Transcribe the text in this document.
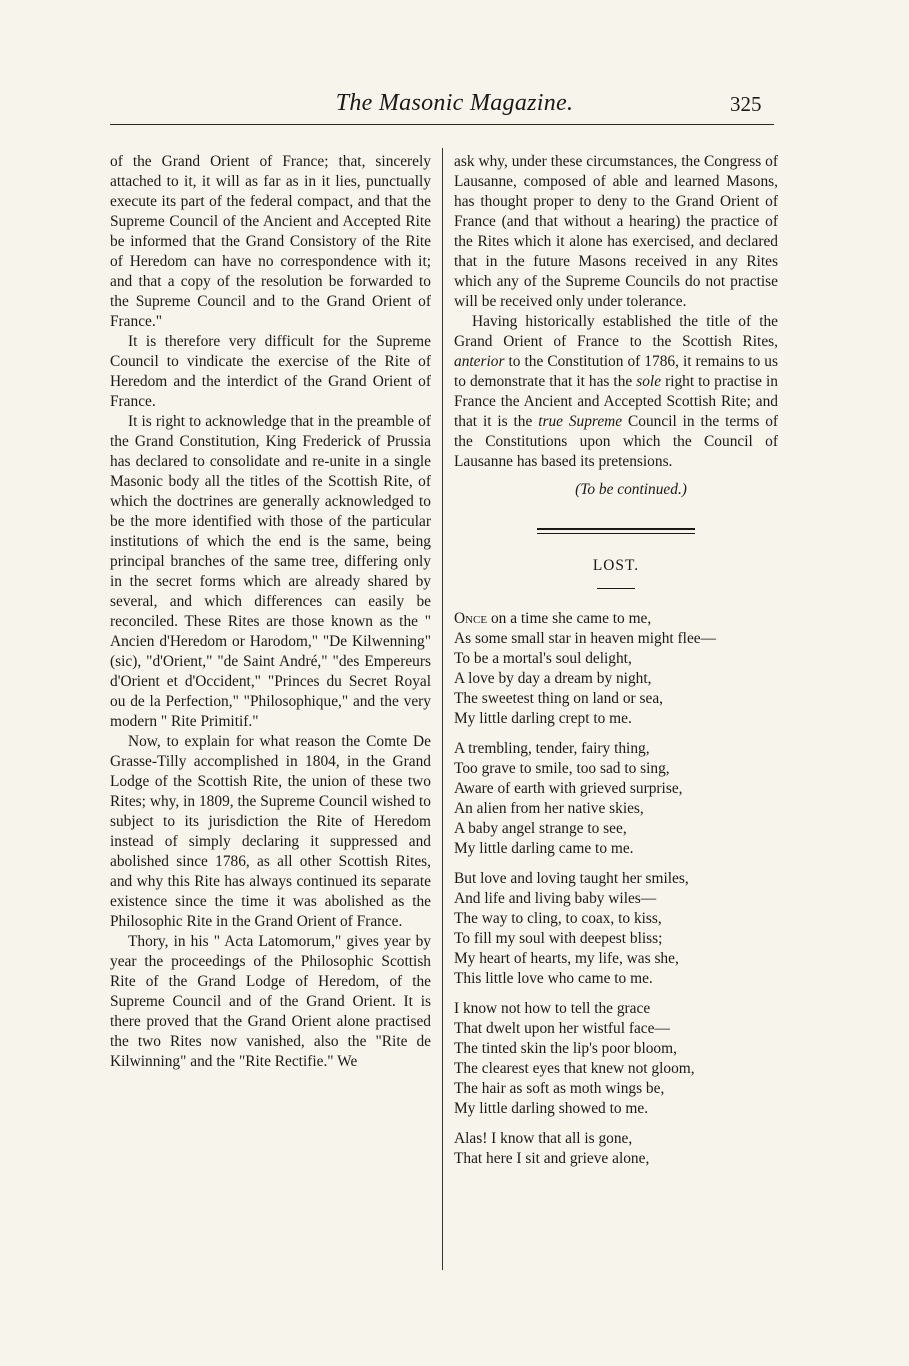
The Masonic Magazine.	325

of the Grand Orient of France; that, sincerely attached to it, it will as far as in it lies, punctually execute its part of the federal compact, and that the Supreme Council of the Ancient and Accepted Rite be informed that the Grand Consistory of the Rite of Heredom can have no correspondence with it; and that a copy of the resolution be forwarded to the Supreme Council and to the Grand Orient of France."

It is therefore very difficult for the Supreme Council to vindicate the exercise of the Rite of Heredom and the interdict of the Grand Orient of France.

It is right to acknowledge that in the preamble of the Grand Constitution, King Frederick of Prussia has declared to consolidate and re-unite in a single Masonic body all the titles of the Scottish Rite, of which the doctrines are generally acknowledged to be the more identified with those of the particular institutions of which the end is the same, being principal branches of the same tree, differing only in the secret forms which are already shared by several, and which differences can easily be reconciled. These Rites are those known as the " Ancien d'Heredom or Harodom," "De Kilwenning" (sic), "d'Orient," "de Saint André," "des Empereurs d'Orient et d'Occident," "Princes du Secret Royal ou de la Perfection," "Philosophique," and the very modern " Rite Primitif."

Now, to explain for what reason the Comte De Grasse-Tilly accomplished in 1804, in the Grand Lodge of the Scottish Rite, the union of these two Rites; why, in 1809, the Supreme Council wished to subject to its jurisdiction the Rite of Heredom instead of simply declaring it suppressed and abolished since 1786, as all other Scottish Rites, and why this Rite has always continued its separate existence since the time it was abolished as the Philosophic Rite in the Grand Orient of France.

Thory, in his " Acta Latomorum," gives year by year the proceedings of the Philosophic Scottish Rite of the Grand Lodge of Heredom, of the Supreme Council and of the Grand Orient. It is there proved that the Grand Orient alone practised the two Rites now vanished, also the "Rite de Kilwinning" and the "Rite Rectifie." We

ask why, under these circumstances, the Congress of Lausanne, composed of able and learned Masons, has thought proper to deny to the Grand Orient of France (and that without a hearing) the practice of the Rites which it alone has exercised, and declared that in the future Masons received in any Rites which any of the Supreme Councils do not practise will be received only under tolerance.

Having historically established the title of the Grand Orient of France to the Scottish Rites, anterior to the Constitution of 1786, it remains to us to demonstrate that it has the sole right to practise in France the Ancient and Accepted Scottish Rite; and that it is the true Supreme Council in the terms of the Constitutions upon which the Council of Lausanne has based its pretensions.

(To be continued.)

LOST.

Once on a time she came to me,
As some small star in heaven might flee—
To be a mortal's soul delight,
A love by day a dream by night,
The sweetest thing on land or sea,
My little darling crept to me.
A trembling, tender, fairy thing,
Too grave to smile, too sad to sing,
Aware of earth with grieved surprise,
An alien from her native skies,
A baby angel strange to see,
My little darling came to me.
But love and loving taught her smiles,
And life and living baby wiles—
The way to cling, to coax, to kiss,
To fill my soul with deepest bliss;
My heart of hearts, my life, was she,
This little love who came to me.
I know not how to tell the grace
That dwelt upon her wistful face—
The tinted skin the lip's poor bloom,
The clearest eyes that knew not gloom,
The hair as soft as moth wings be,
My little darling showed to me.
Alas! I know that all is gone,
That here I sit and grieve alone,
